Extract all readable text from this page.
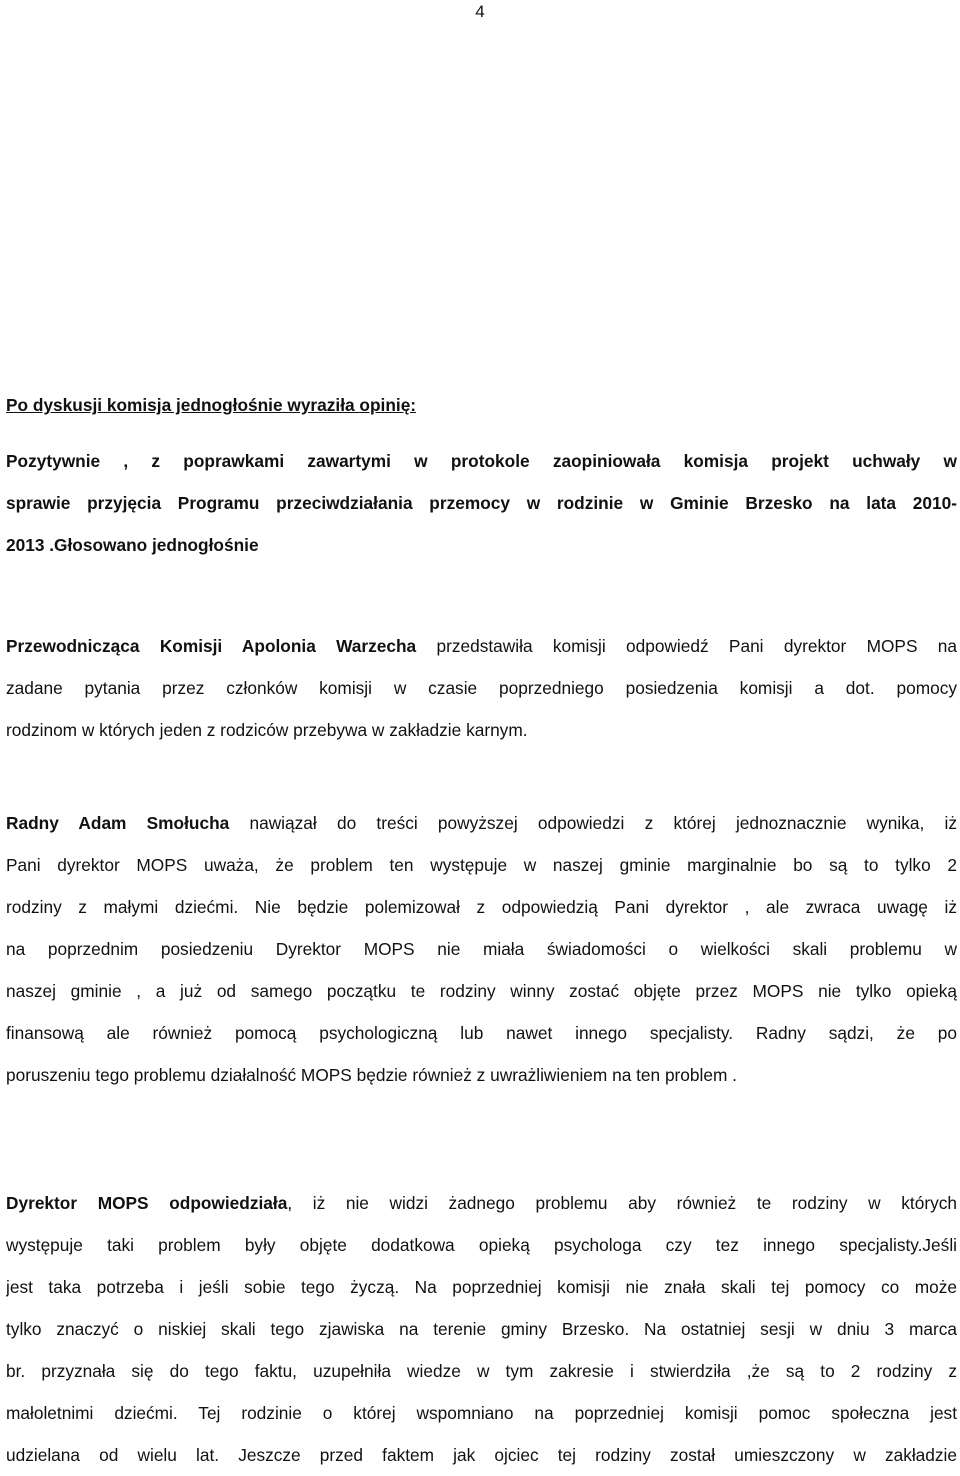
4
Po dyskusji komisja jednogłośnie wyraziła opinię:
Pozytywnie , z poprawkami zawartymi w protokole zaopiniowała komisja projekt uchwały w
sprawie przyjęcia Programu przeciwdziałania przemocy w rodzinie w Gminie Brzesko na lata 2010-
2013 .Głosowano jednogłośnie
Przewodnicząca Komisji Apolonia Warzecha przedstawiła komisji odpowiedź Pani dyrektor MOPS na
zadane pytania przez członków komisji w czasie poprzedniego posiedzenia komisji a dot. pomocy
rodzinom w których jeden z rodziców przebywa w zakładzie karnym.
Radny Adam Smołucha nawiązał do treści powyższej odpowiedzi z której jednoznacznie wynika, iż
Pani dyrektor MOPS uważa, że problem ten występuje w naszej gminie marginalnie bo są to tylko 2
rodziny z małymi dziećmi. Nie będzie polemizował z odpowiedzią Pani dyrektor , ale zwraca uwagę iż
na poprzednim posiedzeniu Dyrektor MOPS nie miała świadomości o wielkości skali problemu w
naszej gminie , a już od samego początku te rodziny winny zostać objęte przez MOPS nie tylko opieką
finansową ale również pomocą psychologiczną lub nawet innego specjalisty. Radny sądzi, że po
poruszeniu tego problemu działalność MOPS będzie również z uwrażliwieniem na ten problem .
Dyrektor MOPS odpowiedziała, iż nie widzi żadnego problemu aby również te rodziny w których
występuje taki problem były objęte dodatkowa opieką psychologa czy tez innego specjalisty.Jeśli
jest taka potrzeba i jeśli sobie tego życzą. Na poprzedniej komisji nie znała skali tej pomocy co może
tylko znaczyć o niskiej skali tego zjawiska na terenie gminy Brzesko. Na ostatniej sesji w dniu 3 marca
br. przyznała się do tego faktu, uzupełniła wiedze w tym zakresie i stwierdziła ,że są to 2 rodziny z
małoletnimi dziećmi. Tej rodzinie o której wspomniano na poprzedniej komisji pomoc społeczna jest
udzielana od wielu lat. Jeszcze przed faktem jak ojciec tej rodziny został umieszczony w zakładzie
